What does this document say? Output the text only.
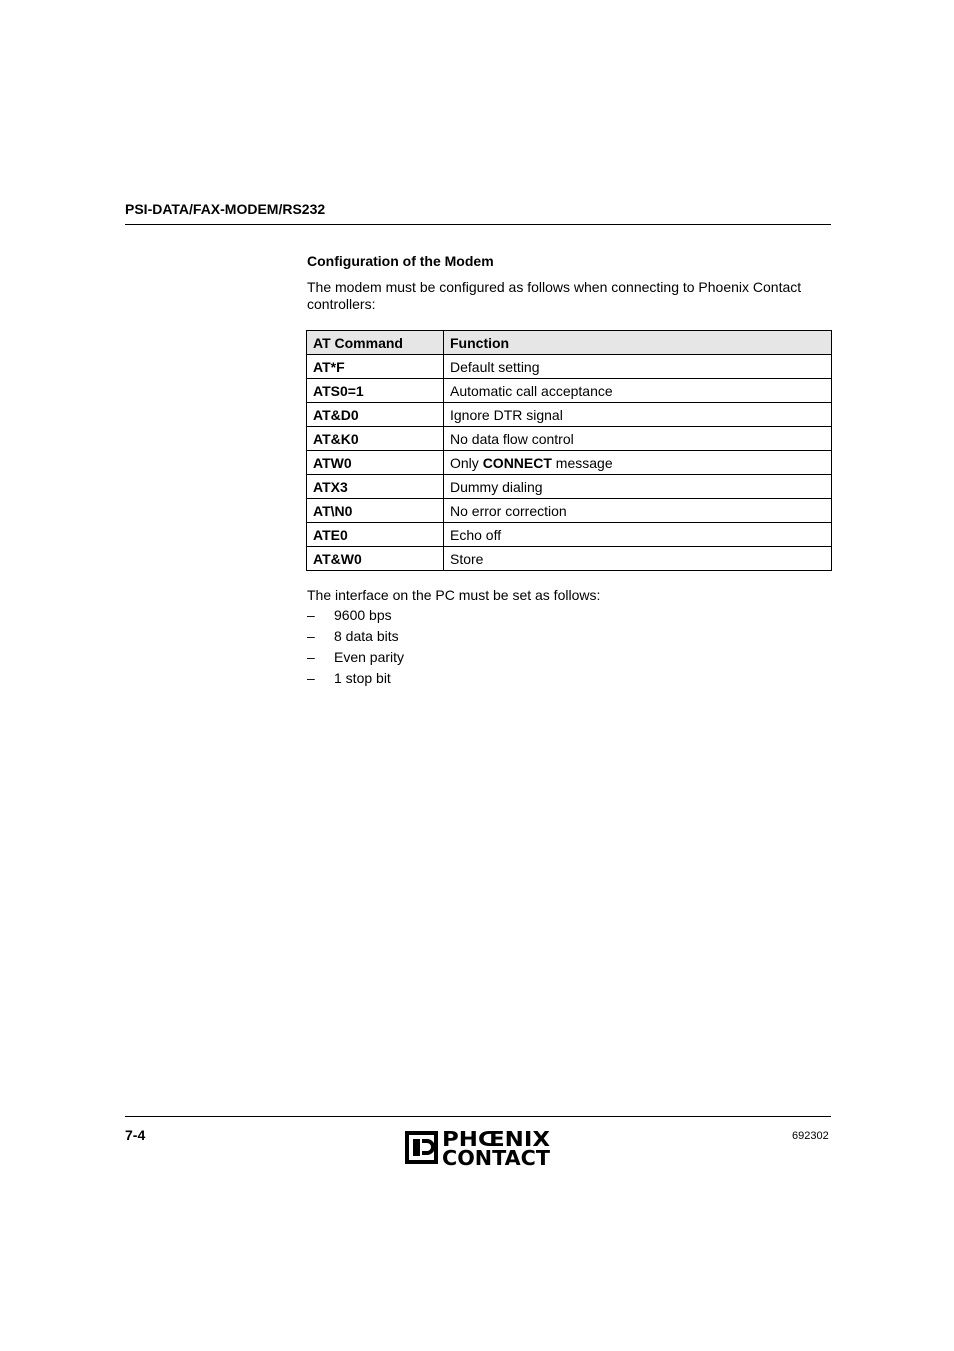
PSI-DATA/FAX-MODEM/RS232
Configuration of the Modem
The modem must be configured as follows when connecting to Phoenix Contact controllers:
AT Command	Function
AT*F	Default setting
ATS0=1	Automatic call acceptance
AT&D0	Ignore DTR signal
AT&K0	No data flow control
ATW0	Only CONNECT message
ATX3	Dummy dialing
AT\N0	No error correction
ATE0	Echo off
AT&W0	Store
The interface on the PC must be set as follows:
– 9600 bps
– 8 data bits
– Even parity
– 1 stop bit
7-4	PHŒNIX
CONTACT
692302
